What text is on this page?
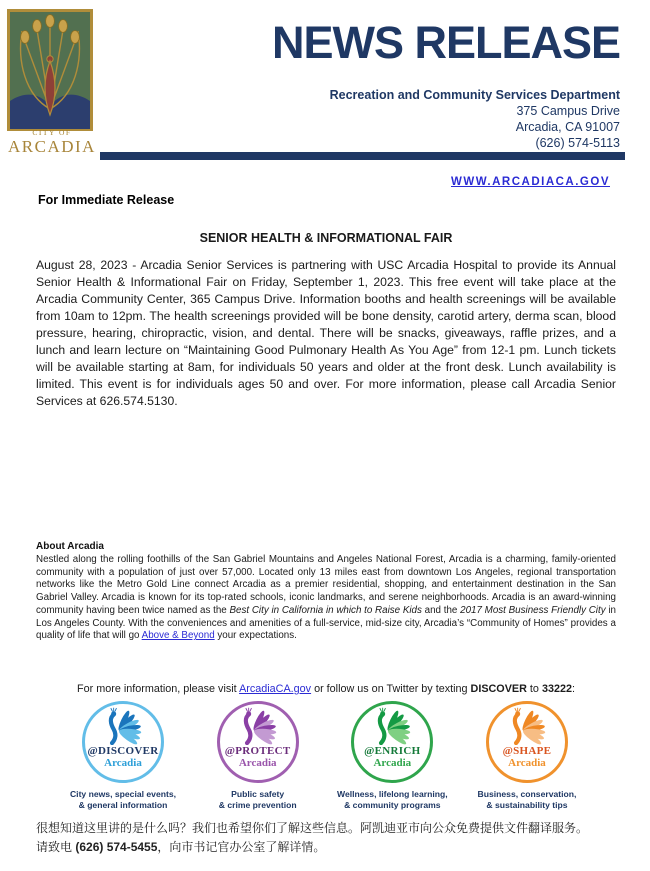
CITY OF
ARCADIA
NEWS RELEASE
Recreation and Community Services Department
375 Campus Drive
Arcadia, CA 91007
(626) 574-5113
WWW.ARCADIACA.GOV
For Immediate Release
SENIOR HEALTH & INFORMATIONAL FAIR
August 28, 2023 - Arcadia Senior Services is partnering with USC Arcadia Hospital to provide its Annual Senior Health & Informational Fair on Friday, September 1, 2023. This free event will take place at the Arcadia Community Center, 365 Campus Drive. Information booths and health screenings will be available from 10am to 12pm. The health screenings provided will be bone density, carotid artery, derma scan, blood pressure, hearing, chiropractic, vision, and dental. There will be snacks, giveaways, raffle prizes, and a lunch and learn lecture on “Maintaining Good Pulmonary Health As You Age” from 12-1 pm. Lunch tickets will be available starting at 8am, for individuals 50 years and older at the front desk. Lunch availability is limited. This event is for individuals ages 50 and over. For more information, please call Arcadia Senior Services at 626.574.5130.
About Arcadia
Nestled along the rolling foothills of the San Gabriel Mountains and Angeles National Forest, Arcadia is a charming, family-oriented community with a population of just over 57,000. Located only 13 miles east from downtown Los Angeles, regional transportation networks like the Metro Gold Line connect Arcadia as a premier residential, shopping, and entertainment destination in the San Gabriel Valley. Arcadia is known for its top-rated schools, iconic landmarks, and serene neighborhoods. Arcadia is an award-winning community having been twice named as the Best City in California in which to Raise Kids and the 2017 Most Business Friendly City in Los Angeles County. With the conveniences and amenities of a full-service, mid-size city, Arcadia’s “Community of Homes” provides a quality of life that will go Above & Beyond your expectations.
For more information, please visit ArcadiaCA.gov or follow us on Twitter by texting DISCOVER to 33222:
@DISCOVER
Arcadia
City news, special events,
& general information
@PROTECT
Arcadia
Public safety
& crime prevention
@ENRICH
Arcadia
Wellness, lifelong learning,
& community programs
@SHAPE
Arcadia
Business, conservation,
& sustainability tips
很想知道这里讲的是什么吗？我们也希望你们了解这些信息。阿凯迪亚市向公众免费提供文件翻译服务。
请致电 (626) 574-5455，向市书记官办公室了解详情。
